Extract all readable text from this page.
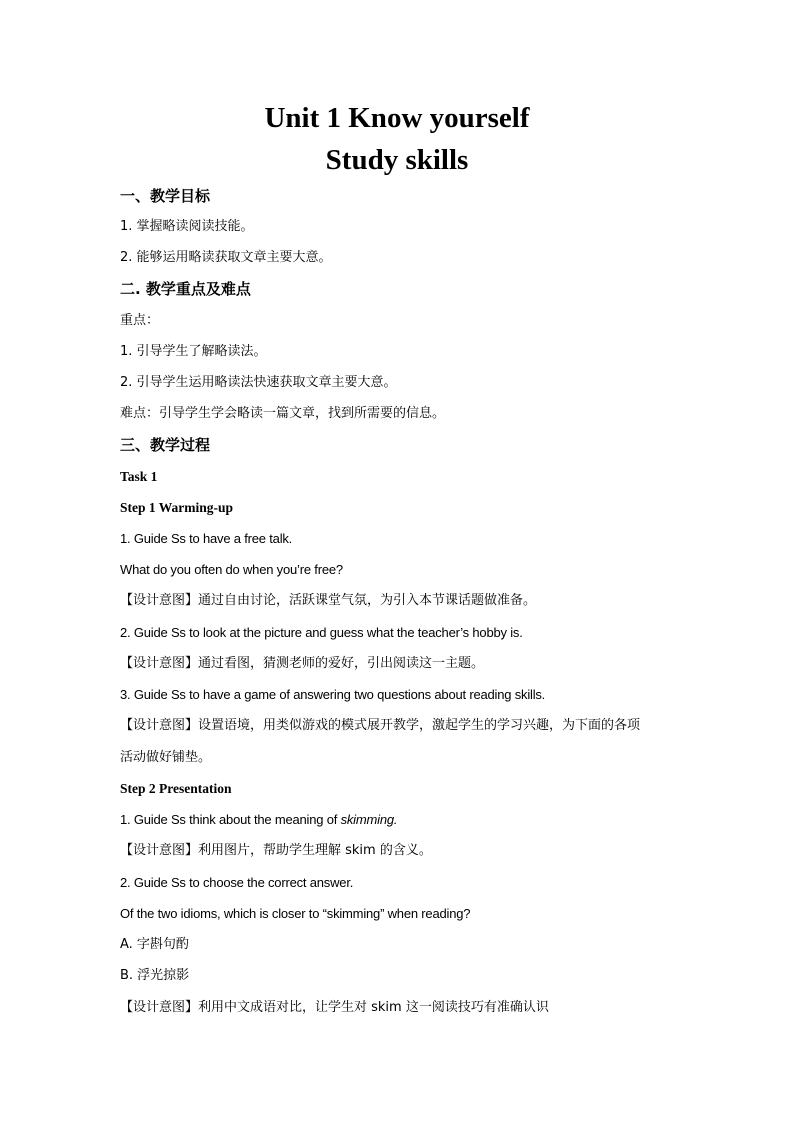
Unit 1 Know yourself
Study skills
一、教学目标
1. 掌握略读阅读技能。
2. 能够运用略读获取文章主要大意。
二. 教学重点及难点
重点：
1. 引导学生了解略读法。
2. 引导学生运用略读法快速获取文章主要大意。
难点：引导学生学会略读一篇文章，找到所需要的信息。
三、教学过程
Task 1
Step 1 Warming-up
1. Guide Ss to have a free talk.
What do you often do when you’re free?
【设计意图】通过自由讨论，活跃课堂气氛，为引入本节课话题做准备。
2. Guide Ss to look at the picture and guess what the teacher’s hobby is.
【设计意图】通过看图，猜测老师的爱好，引出阅读这一主题。
3. Guide Ss to have a game of answering two questions about reading skills.
【设计意图】设置语境，用类似游戏的模式展开教学，激起学生的学习兴趣，为下面的各项
活动做好铺垫。
Step 2 Presentation
1. Guide Ss think about the meaning of skimming.
【设计意图】利用图片，帮助学生理解 skim 的含义。
2. Guide Ss to choose the correct answer.
Of the two idioms, which is closer to “skimming” when reading?
A. 字斟句酌
B. 浮光掠影
【设计意图】利用中文成语对比，让学生对 skim 这一阅读技巧有准确认识
